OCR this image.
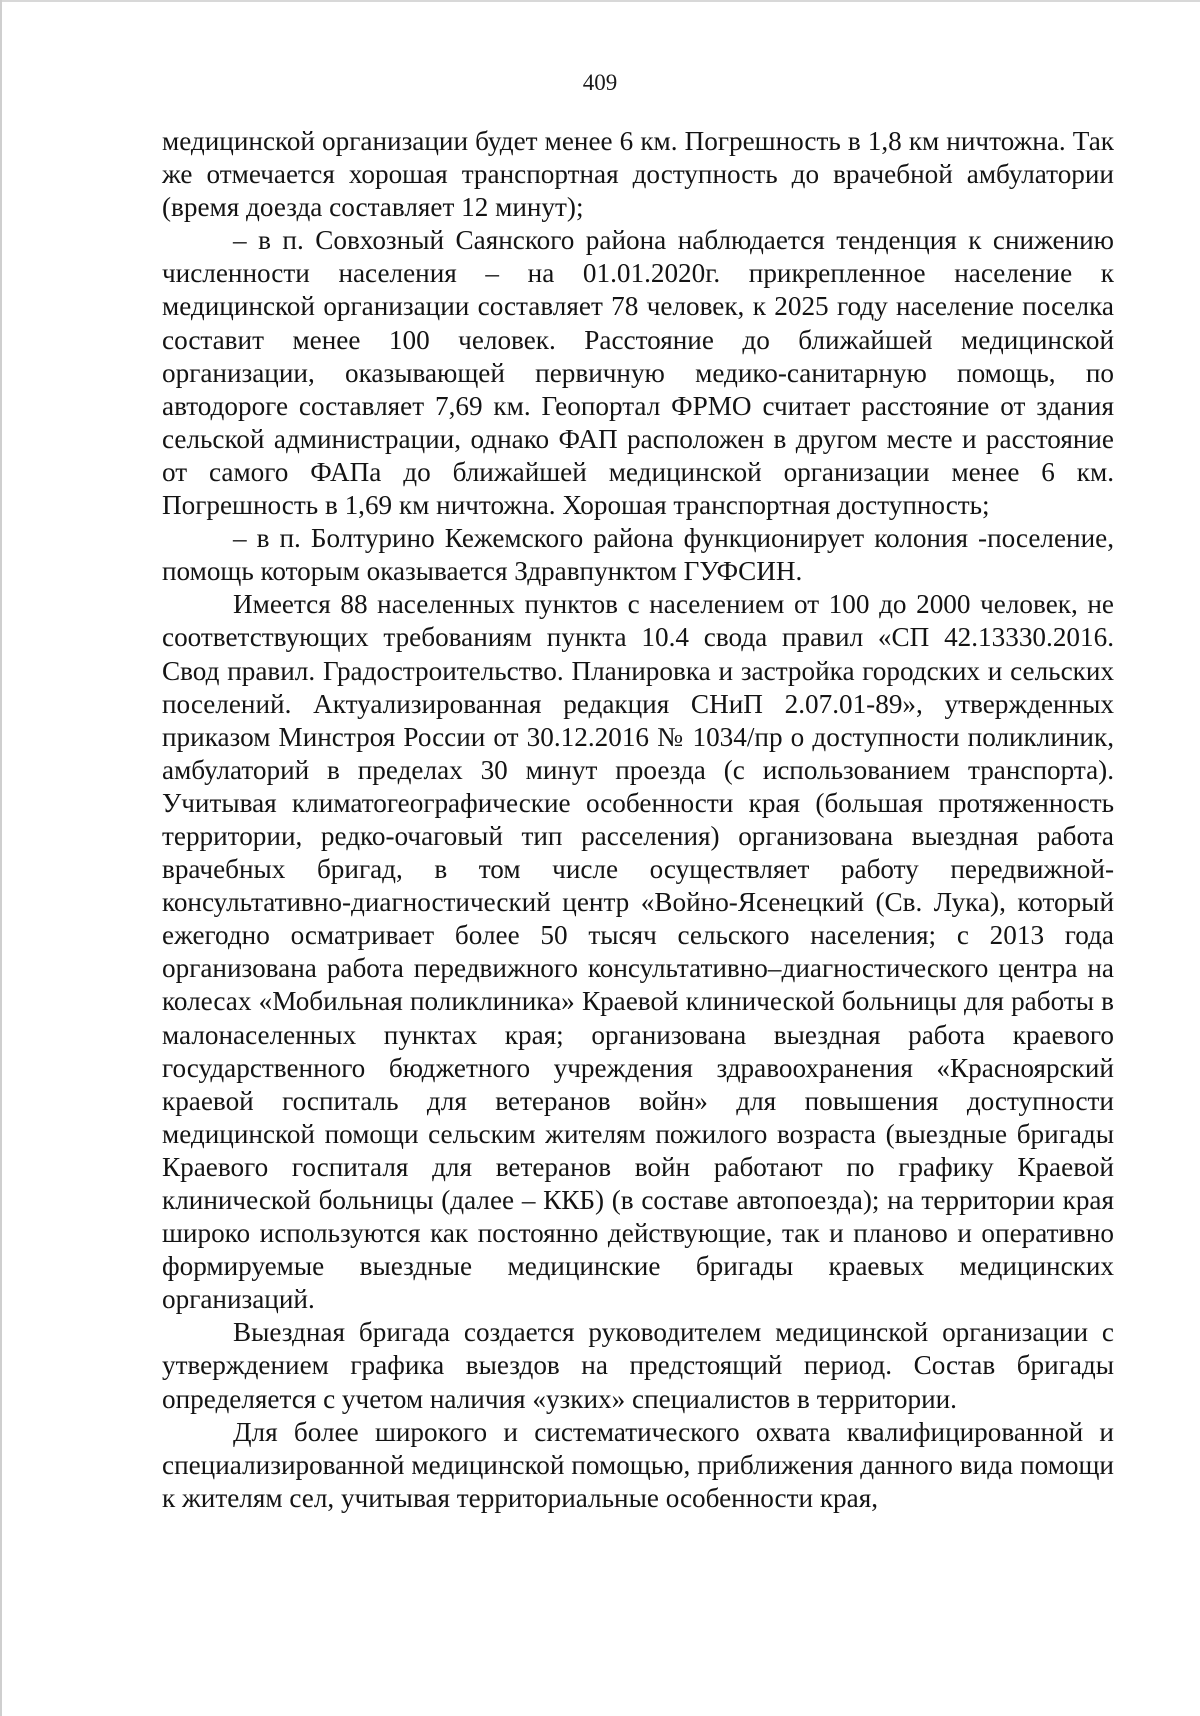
409

медицинской организации будет менее 6 км. Погрешность в 1,8 км ничтожна. Так же отмечается хорошая транспортная доступность до врачебной амбулатории (время доезда составляет 12 минут);

– в п. Совхозный Саянского района наблюдается тенденция к снижению численности населения – на 01.01.2020г. прикрепленное население к медицинской организации составляет 78 человек, к 2025 году население поселка составит менее 100 человек. Расстояние до ближайшей медицинской организации, оказывающей первичную медико-санитарную помощь, по автодороге составляет 7,69 км. Геопортал ФРМО считает расстояние от здания сельской администрации, однако ФАП расположен в другом месте и расстояние от самого ФАПа до ближайшей медицинской организации менее 6 км. Погрешность в 1,69 км ничтожна. Хорошая транспортная доступность;

– в п. Болтурино Кежемского района функционирует колония -поселение, помощь которым оказывается Здравпунктом ГУФСИН.

Имеется 88 населенных пунктов с населением от 100 до 2000 человек, не соответствующих требованиям пункта 10.4 свода правил «СП 42.13330.2016. Свод правил. Градостроительство. Планировка и застройка городских и сельских поселений. Актуализированная редакция СНиП 2.07.01-89», утвержденных приказом Минстроя России от 30.12.2016 № 1034/пр о доступности поликлиник, амбулаторий в пределах 30 минут проезда (с использованием транспорта). Учитывая климатогеографические особенности края (большая протяженность территории, редко-очаговый тип расселения) организована выездная работа врачебных бригад, в том числе осуществляет работу передвижной-консультативно-диагностический центр «Войно-Ясенецкий (Св. Лука), который ежегодно осматривает более 50 тысяч сельского населения; с 2013 года организована работа передвижного консультативно–диагностического центра на колесах «Мобильная поликлиника» Краевой клинической больницы для работы в малонаселенных пунктах края; организована выездная работа краевого государственного бюджетного учреждения здравоохранения «Красноярский краевой госпиталь для ветеранов войн» для повышения доступности медицинской помощи сельским жителям пожилого возраста (выездные бригады Краевого госпиталя для ветеранов войн работают по графику Краевой клинической больницы (далее – ККБ) (в составе автопоезда); на территории края широко используются как постоянно действующие, так и планово и оперативно формируемые выездные медицинские бригады краевых медицинских организаций.

Выездная бригада создается руководителем медицинской организации с утверждением графика выездов на предстоящий период. Состав бригады определяется с учетом наличия «узких» специалистов в территории.

Для более широкого и систематического охвата квалифицированной и специализированной медицинской помощью, приближения данного вида помощи к жителям сел, учитывая территориальные особенности края,
